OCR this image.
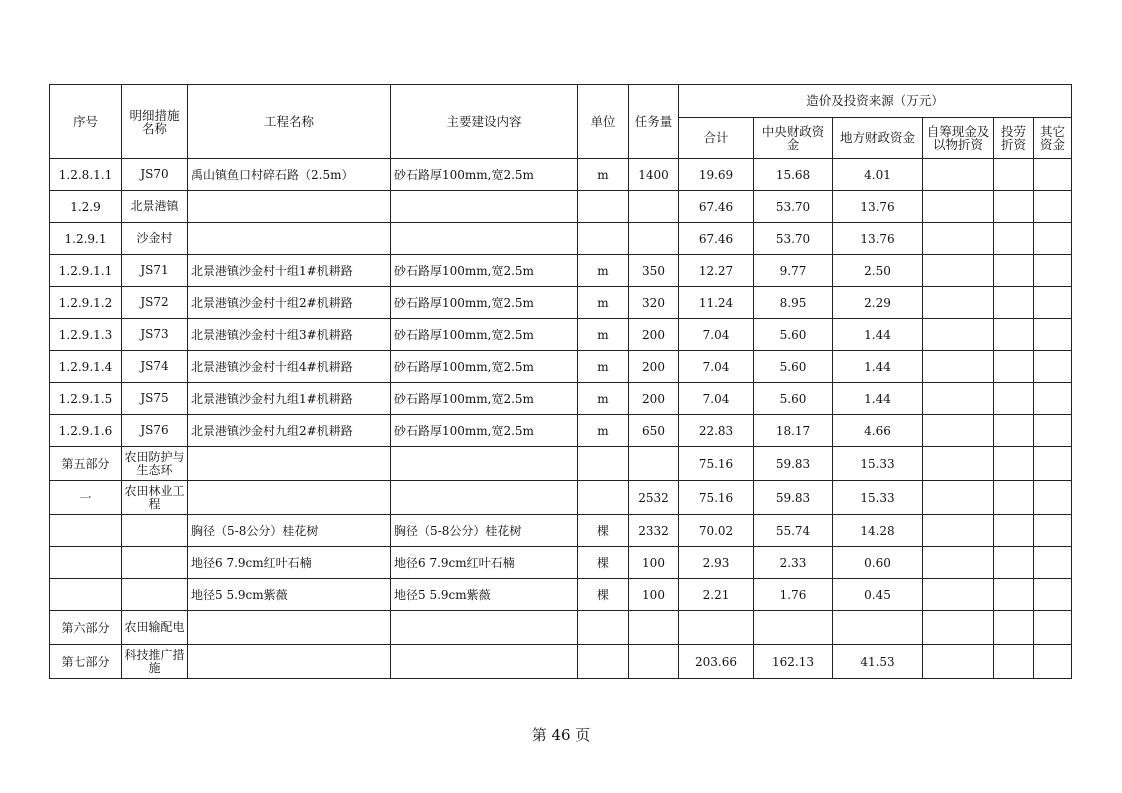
序号	明细措施名称	工程名称	主要建设内容	单位	任务量	造价及投资来源（万元）					
						合计	中央财政资金	地方财政资金	自筹现金及以物折资	投劳折资	其它资金
1.2.8.1.1	JS70	禹山镇鱼口村碎石路（2.5m）	砂石路厚100mm,宽2.5m	m	1400	19.69	15.68	4.01			
1.2.9	北景港镇					67.46	53.70	13.76			
1.2.9.1	沙金村					67.46	53.70	13.76			
1.2.9.1.1	JS71	北景港镇沙金村十组1#机耕路	砂石路厚100mm,宽2.5m	m	350	12.27	9.77	2.50			
1.2.9.1.2	JS72	北景港镇沙金村十组2#机耕路	砂石路厚100mm,宽2.5m	m	320	11.24	8.95	2.29			
1.2.9.1.3	JS73	北景港镇沙金村十组3#机耕路	砂石路厚100mm,宽2.5m	m	200	7.04	5.60	1.44			
1.2.9.1.4	JS74	北景港镇沙金村十组4#机耕路	砂石路厚100mm,宽2.5m	m	200	7.04	5.60	1.44			
1.2.9.1.5	JS75	北景港镇沙金村九组1#机耕路	砂石路厚100mm,宽2.5m	m	200	7.04	5.60	1.44			
1.2.9.1.6	JS76	北景港镇沙金村九组2#机耕路	砂石路厚100mm,宽2.5m	m	650	22.83	18.17	4.66			
第五部分	农田防护与生态环					75.16	59.83	15.33			
一	农田林业工程				2532	75.16	59.83	15.33			
		胸径（5-8公分）桂花树	胸径（5-8公分）桂花树	棵	2332	70.02	55.74	14.28			
		地径6 7.9cm红叶石楠	地径6 7.9cm红叶石楠	棵	100	2.93	2.33	0.60			
		地径5 5.9cm紫薇	地径5 5.9cm紫薇	棵	100	2.21	1.76	0.45			
第六部分	农田输配电										
第七部分	科技推广措施					203.66	162.13	41.53			
第 46 页
